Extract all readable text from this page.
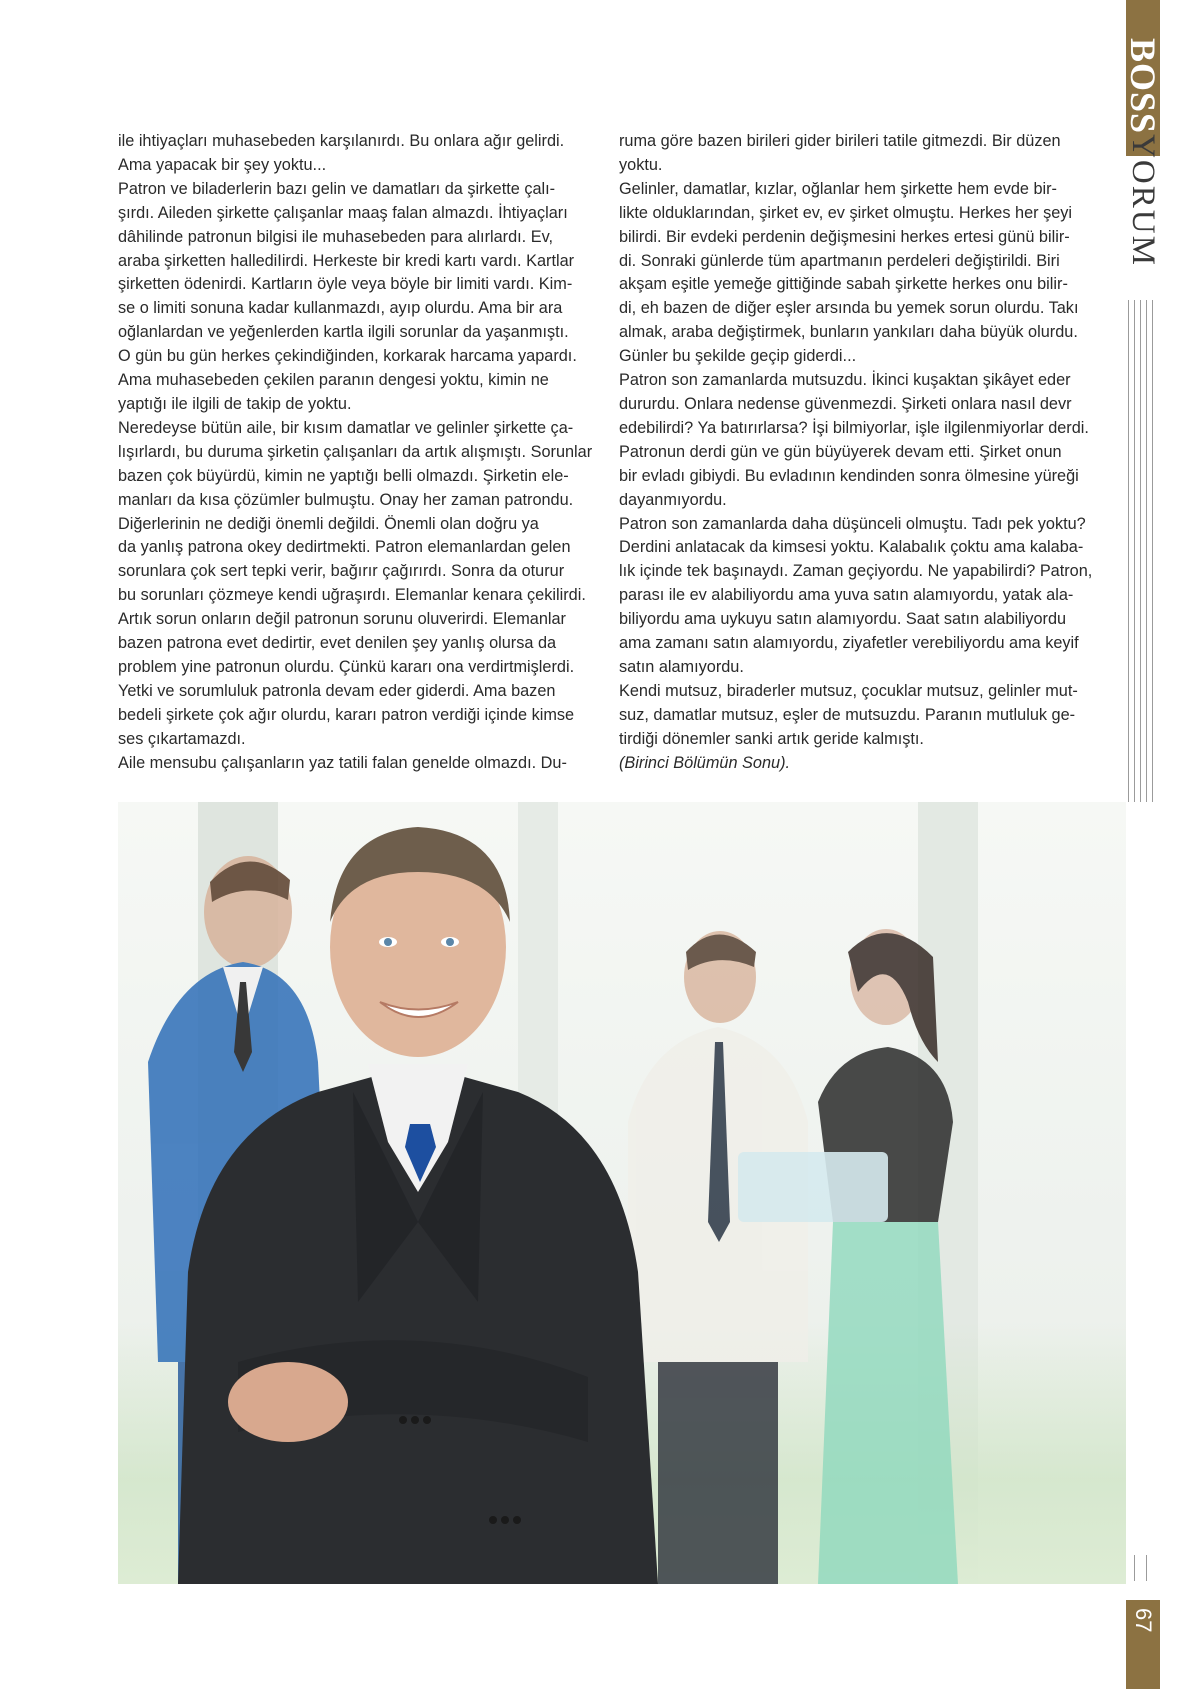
ile ihtiyaçları muhasebeden karşılanırdı. Bu onlara ağır gelirdi.

Ama yapacak bir şey yoktu...

Patron ve biladerlerin bazı gelin ve damatları da şirkette çalı-

şırdı. Aileden şirkette çalışanlar maaş falan almazdı. İhtiyaçları

dâhilinde patronun bilgisi ile muhasebeden para alırlardı. Ev,

araba şirketten hallediIirdi. Herkeste bir kredi kartı vardı. Kartlar

şirketten ödenirdi. Kartların öyle veya böyle bir limiti vardı. Kim-

se o limiti sonuna kadar kullanmazdı, ayıp olurdu. Ama bir ara

oğlanlardan ve yeğenlerden kartla ilgili sorunlar da yaşanmıştı.

O gün bu gün herkes çekindiğinden, korkarak harcama yapardı.

Ama muhasebeden çekilen paranın dengesi yoktu, kimin ne

yaptığı ile ilgili de takip de yoktu.

Neredeyse bütün aile, bir kısım damatlar ve gelinler şirkette ça-

lışırlardı, bu duruma şirketin çalışanları da artık alışmıştı. Sorunlar

bazen çok büyürdü, kimin ne yaptığı belli olmazdı. Şirketin ele-

manları da kısa çözümler bulmuştu. Onay her zaman patrondu.

Diğerlerinin ne dediği önemli değildi. Önemli olan doğru ya

da yanlış patrona okey dedirtmekti. Patron elemanlardan gelen

sorunlara çok sert tepki verir, bağırır çağırırdı. Sonra da oturur

bu sorunları çözmeye kendi uğraşırdı. Elemanlar kenara çekilirdi.

Artık sorun onların değil patronun sorunu oluverirdi. Elemanlar

bazen patrona evet dedirtir, evet denilen şey yanlış olursa da

problem yine patronun olurdu. Çünkü kararı ona verdirtmişlerdi.

Yetki ve sorumluluk patronla devam eder giderdi. Ama bazen

bedeli şirkete çok ağır olurdu, kararı patron verdiği içinde kimse

ses çıkartamazdı.

Aile mensubu çalışanların yaz tatili falan genelde olmazdı. Du-

ruma göre bazen birileri gider birileri tatile gitmezdi. Bir düzen

yoktu.

Gelinler, damatlar, kızlar, oğlanlar hem şirkette hem evde bir-

likte olduklarından, şirket ev, ev şirket olmuştu. Herkes her şeyi

bilirdi. Bir evdeki perdenin değişmesini herkes ertesi günü bilir-

di. Sonraki günlerde tüm apartmanın perdeleri değiştirildi. Biri

akşam eşitle yemeğe gittiğinde sabah şirkette herkes onu bilir-

di, eh bazen de diğer eşler arsında bu yemek sorun olurdu. Takı

almak, araba değiştirmek, bunların yankıları daha büyük olurdu.

Günler bu şekilde geçip giderdi...

Patron son zamanlarda mutsuzdu. İkinci kuşaktan şikâyet eder

dururdu. Onlara nedense güvenmezdi. Şirketi onlara nasıl devr

edebilirdi? Ya batırırlarsa? İşi bilmiyorlar, işle ilgilenmiyorlar derdi.

Patronun derdi gün ve gün büyüyerek devam etti. Şirket onun

bir evladı gibiydi. Bu evladının kendinden sonra ölmesine yüreği

dayanmıyordu.

Patron son zamanlarda daha düşünceli olmuştu. Tadı pek yoktu?

Derdini anlatacak da kimsesi yoktu. Kalabalık çoktu ama kalaba-

lık içinde tek başınaydı. Zaman geçiyordu. Ne yapabilirdi? Patron,

parası ile ev alabiliyordu ama yuva satın alamıyordu, yatak ala-

biliyordu ama uykuyu satın alamıyordu. Saat satın alabiliyordu

ama zamanı satın alamıyordu, ziyafetler verebiliyordu ama keyif

satın alamıyordu.

Kendi mutsuz, biraderler mutsuz, çocuklar mutsuz, gelinler mut-

suz, damatlar mutsuz, eşler de mutsuzdu. Paranın mutluluk ge-

tirdiği dönemler sanki artık geride kalmıştı.

(Birinci Bölümün Sonu).

BOSSYORUM
67
